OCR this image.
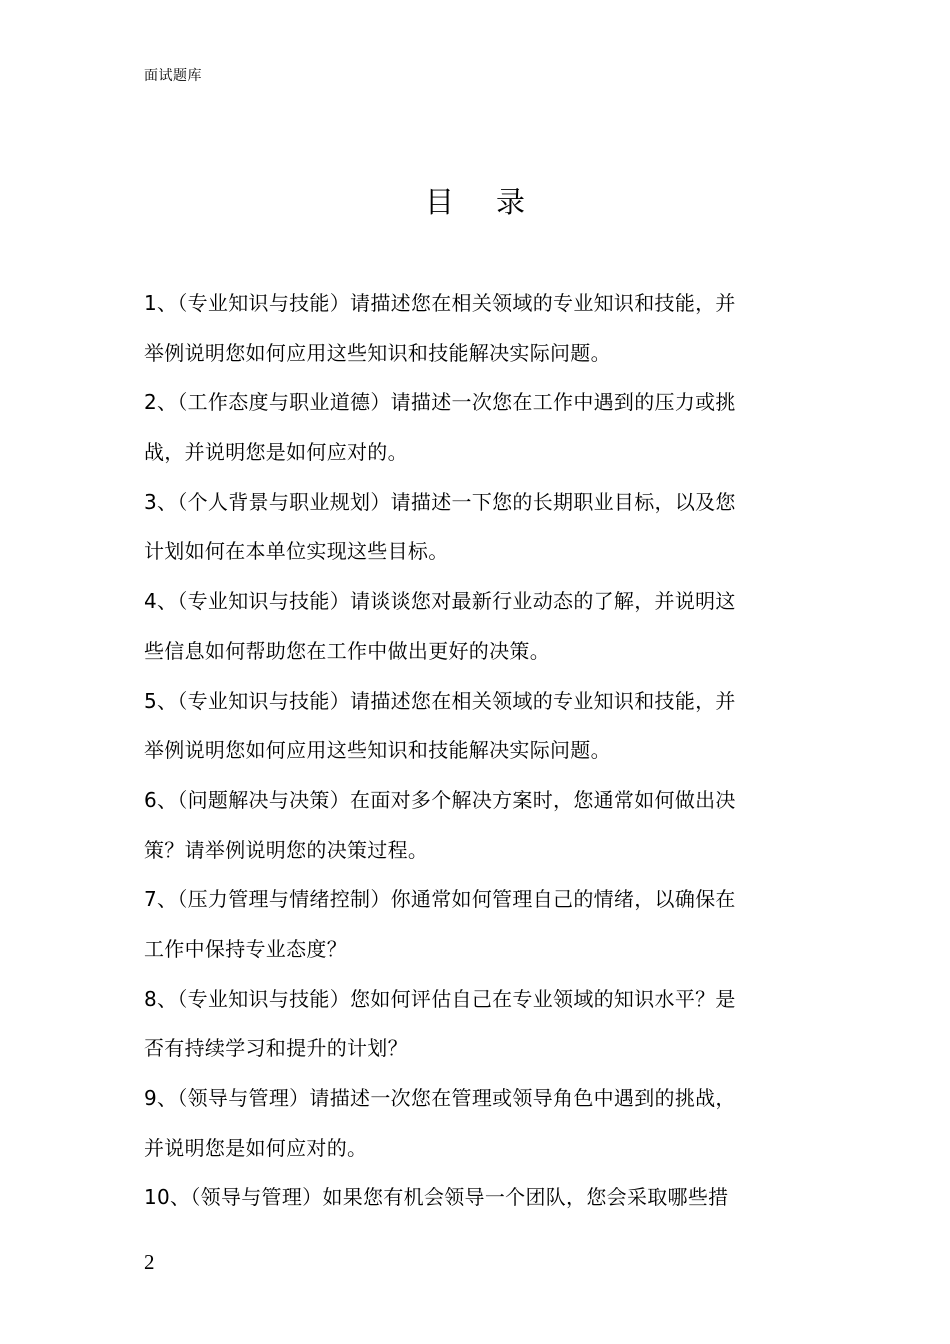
面试题库
目 录
1、（专业知识与技能）请描述您在相关领域的专业知识和技能，并
举例说明您如何应用这些知识和技能解决实际问题。
2、（工作态度与职业道德）请描述一次您在工作中遇到的压力或挑
战，并说明您是如何应对的。
3、（个人背景与职业规划）请描述一下您的长期职业目标，以及您
计划如何在本单位实现这些目标。
4、（专业知识与技能）请谈谈您对最新行业动态的了解，并说明这
些信息如何帮助您在工作中做出更好的决策。
5、（专业知识与技能）请描述您在相关领域的专业知识和技能，并
举例说明您如何应用这些知识和技能解决实际问题。
6、（问题解决与决策）在面对多个解决方案时，您通常如何做出决
策？请举例说明您的决策过程。
7、（压力管理与情绪控制）你通常如何管理自己的情绪，以确保在
工作中保持专业态度？
8、（专业知识与技能）您如何评估自己在专业领域的知识水平？是
否有持续学习和提升的计划？
9、（领导与管理）请描述一次您在管理或领导角色中遇到的挑战，
并说明您是如何应对的。
10、（领导与管理）如果您有机会领导一个团队，您会采取哪些措
2
